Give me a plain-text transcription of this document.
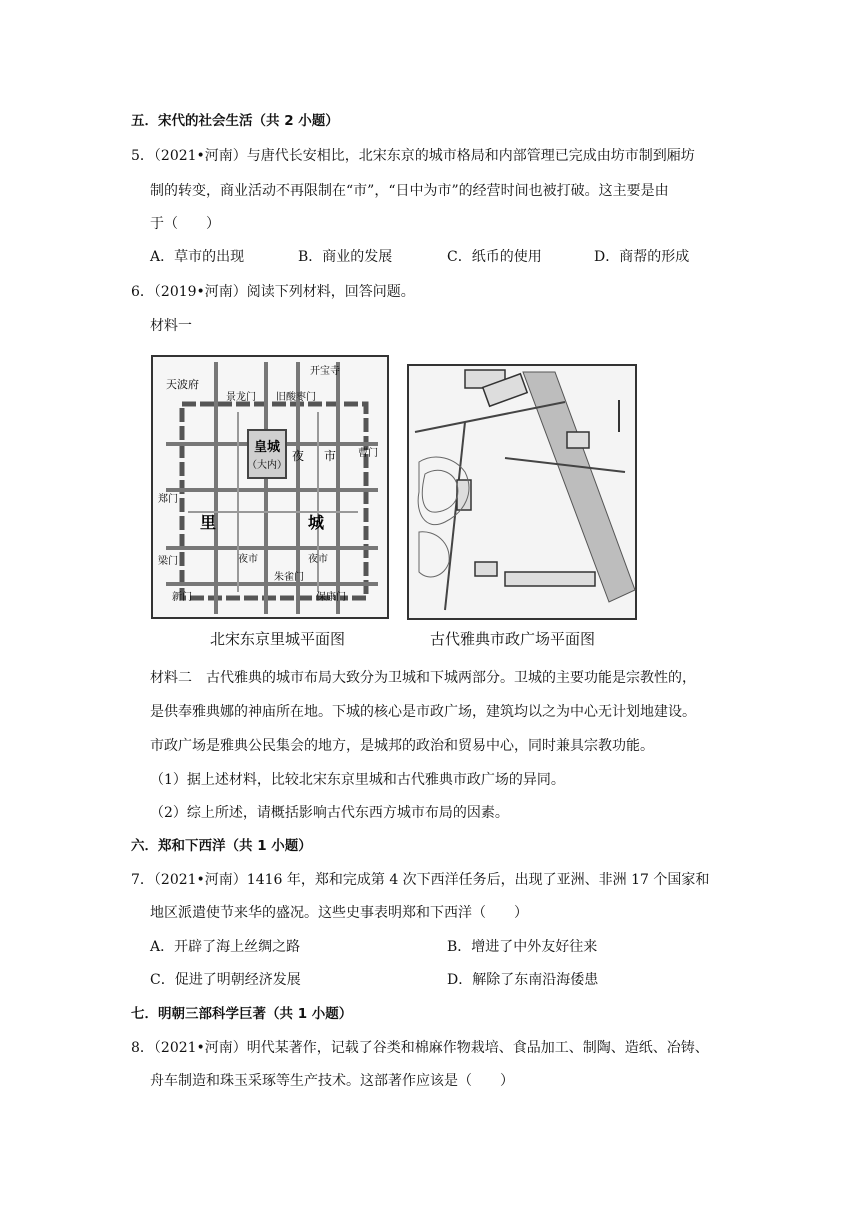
五．宋代的社会生活（共 2 小题）
5．（2021•河南）与唐代长安相比，北宋东京的城市格局和内部管理已完成由坊市制到厢坊
制的转变，商业活动不再限制在“市”，“日中为市”的经营时间也被打破。这主要是由
于（　　）
A．草市的出现	B．商业的发展	C．纸币的使用	D．商帮的形成
6．（2019•河南）阅读下列材料，回答问题。
材料一
皇城
（大内）
夜 市
里	城
天波府
景龙门 旧酸枣门
开宝寺
曹门
夜市	夜市
朱雀门
保康门
新门
郑门
梁门
北宋东京里城平面图	古代雅典市政广场平面图
材料二　古代雅典的城市布局大致分为卫城和下城两部分。卫城的主要功能是宗教性的，
是供奉雅典娜的神庙所在地。下城的核心是市政广场，建筑均以之为中心无计划地建设。
市政广场是雅典公民集会的地方，是城邦的政治和贸易中心，同时兼具宗教功能。
（1）据上述材料，比较北宋东京里城和古代雅典市政广场的异同。
（2）综上所述，请概括影响古代东西方城市布局的因素。
六．郑和下西洋（共 1 小题）
7．（2021•河南）1416 年，郑和完成第 4 次下西洋任务后，出现了亚洲、非洲 17 个国家和
地区派遣使节来华的盛况。这些史事表明郑和下西洋（　　）
A．开辟了海上丝绸之路	B．增进了中外友好往来
C．促进了明朝经济发展	D．解除了东南沿海倭患
七．明朝三部科学巨著（共 1 小题）
8．（2021•河南）明代某著作，记载了谷类和棉麻作物栽培、食品加工、制陶、造纸、冶铸、
舟车制造和珠玉采琢等生产技术。这部著作应该是（　　）
